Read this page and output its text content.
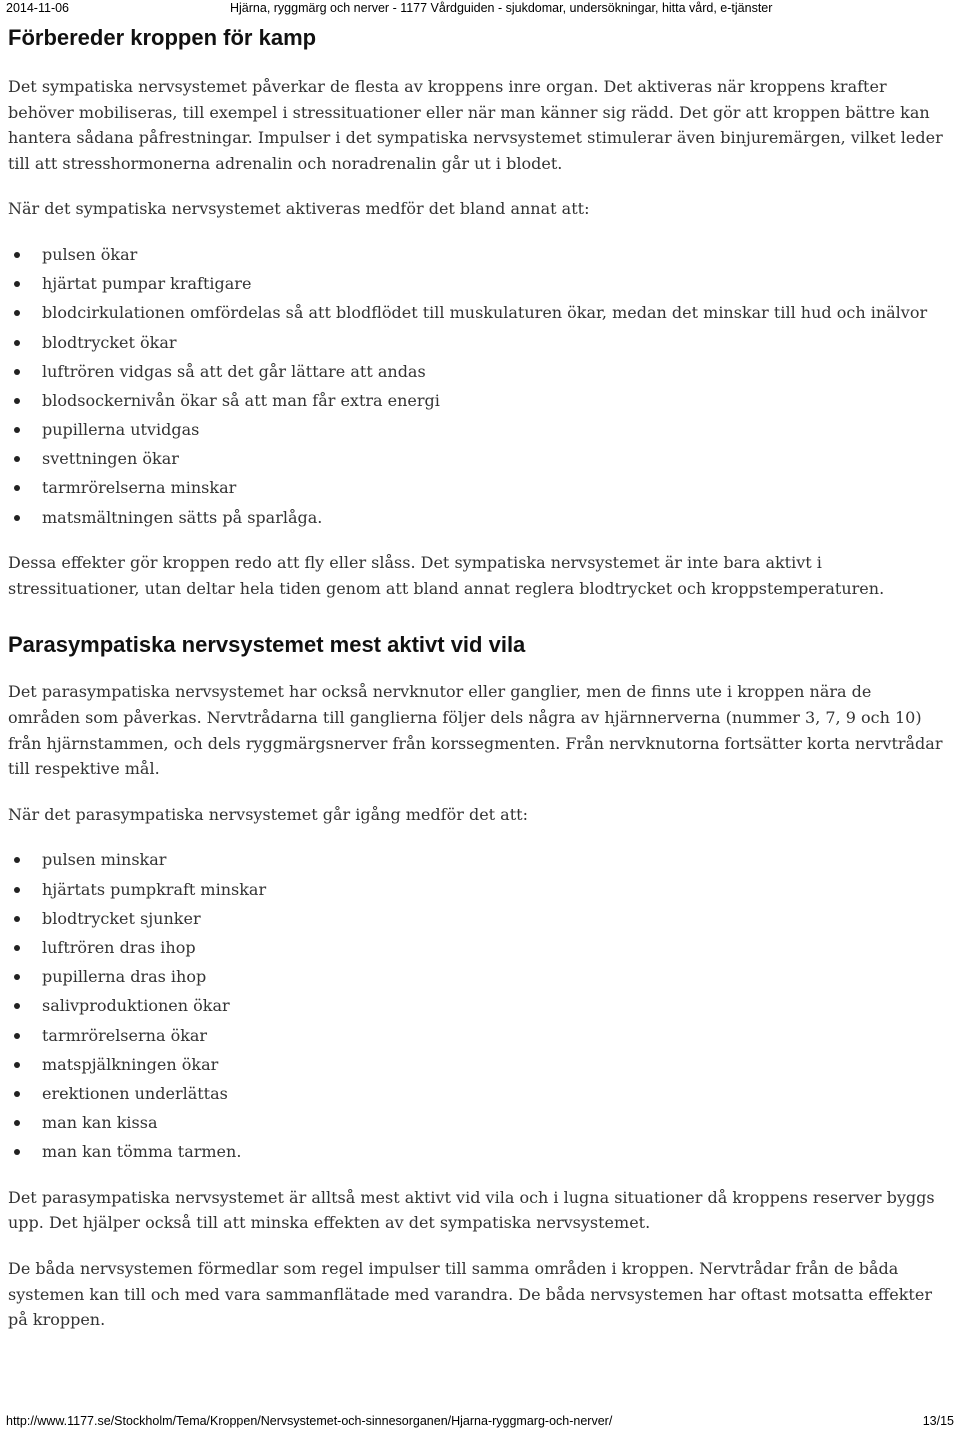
2014-11-06	Hjärna, ryggmärg och nerver - 1177 Vårdguiden - sjukdomar, undersökningar, hitta vård, e-tjänster
Förbereder kroppen för kamp

Det sympatiska nervsystemet påverkar de flesta av kroppens inre organ. Det aktiveras när kroppens krafter behöver mobiliseras, till exempel i stressituationer eller när man känner sig rädd. Det gör att kroppen bättre kan hantera sådana påfrestningar. Impulser i det sympatiska nervsystemet stimulerar även binjuremärgen, vilket leder till att stresshormonerna adrenalin och noradrenalin går ut i blodet.

När det sympatiska nervsystemet aktiveras medför det bland annat att:

pulsen ökar
hjärtat pumpar kraftigare
blodcirkulationen omfördelas så att blodflödet till muskulaturen ökar, medan det minskar till hud och inälvor
blodtrycket ökar
luftrören vidgas så att det går lättare att andas
blodsockernivån ökar så att man får extra energi
pupillerna utvidgas
svettningen ökar
tarmrörelserna minskar
matsmältningen sätts på sparlåga.

Dessa effekter gör kroppen redo att fly eller slåss. Det sympatiska nervsystemet är inte bara aktivt i stressituationer, utan deltar hela tiden genom att bland annat reglera blodtrycket och kroppstemperaturen.

Parasympatiska nervsystemet mest aktivt vid vila

Det parasympatiska nervsystemet har också nervknutor eller ganglier, men de finns ute i kroppen nära de områden som påverkas. Nervtrådarna till ganglierna följer dels några av hjärnnerverna (nummer 3, 7, 9 och 10) från hjärnstammen, och dels ryggmärgsnerver från korssegmenten. Från nervknutorna fortsätter korta nervtrådar till respektive mål.

När det parasympatiska nervsystemet går igång medför det att:

pulsen minskar
hjärtats pumpkraft minskar
blodtrycket sjunker
luftrören dras ihop
pupillerna dras ihop
salivproduktionen ökar
tarmrörelserna ökar
matspjälkningen ökar
erektionen underlättas
man kan kissa
man kan tömma tarmen.

Det parasympatiska nervsystemet är alltså mest aktivt vid vila och i lugna situationer då kroppens reserver byggs upp. Det hjälper också till att minska effekten av det sympatiska nervsystemet.

De båda nervsystemen förmedlar som regel impulser till samma områden i kroppen. Nervtrådar från de båda systemen kan till och med vara sammanflätade med varandra. De båda nervsystemen har oftast motsatta effekter på kroppen.

http://www.1177.se/Stockholm/Tema/Kroppen/Nervsystemet-och-sinnesorganen/Hjarna-ryggmarg-och-nerver/	13/15
